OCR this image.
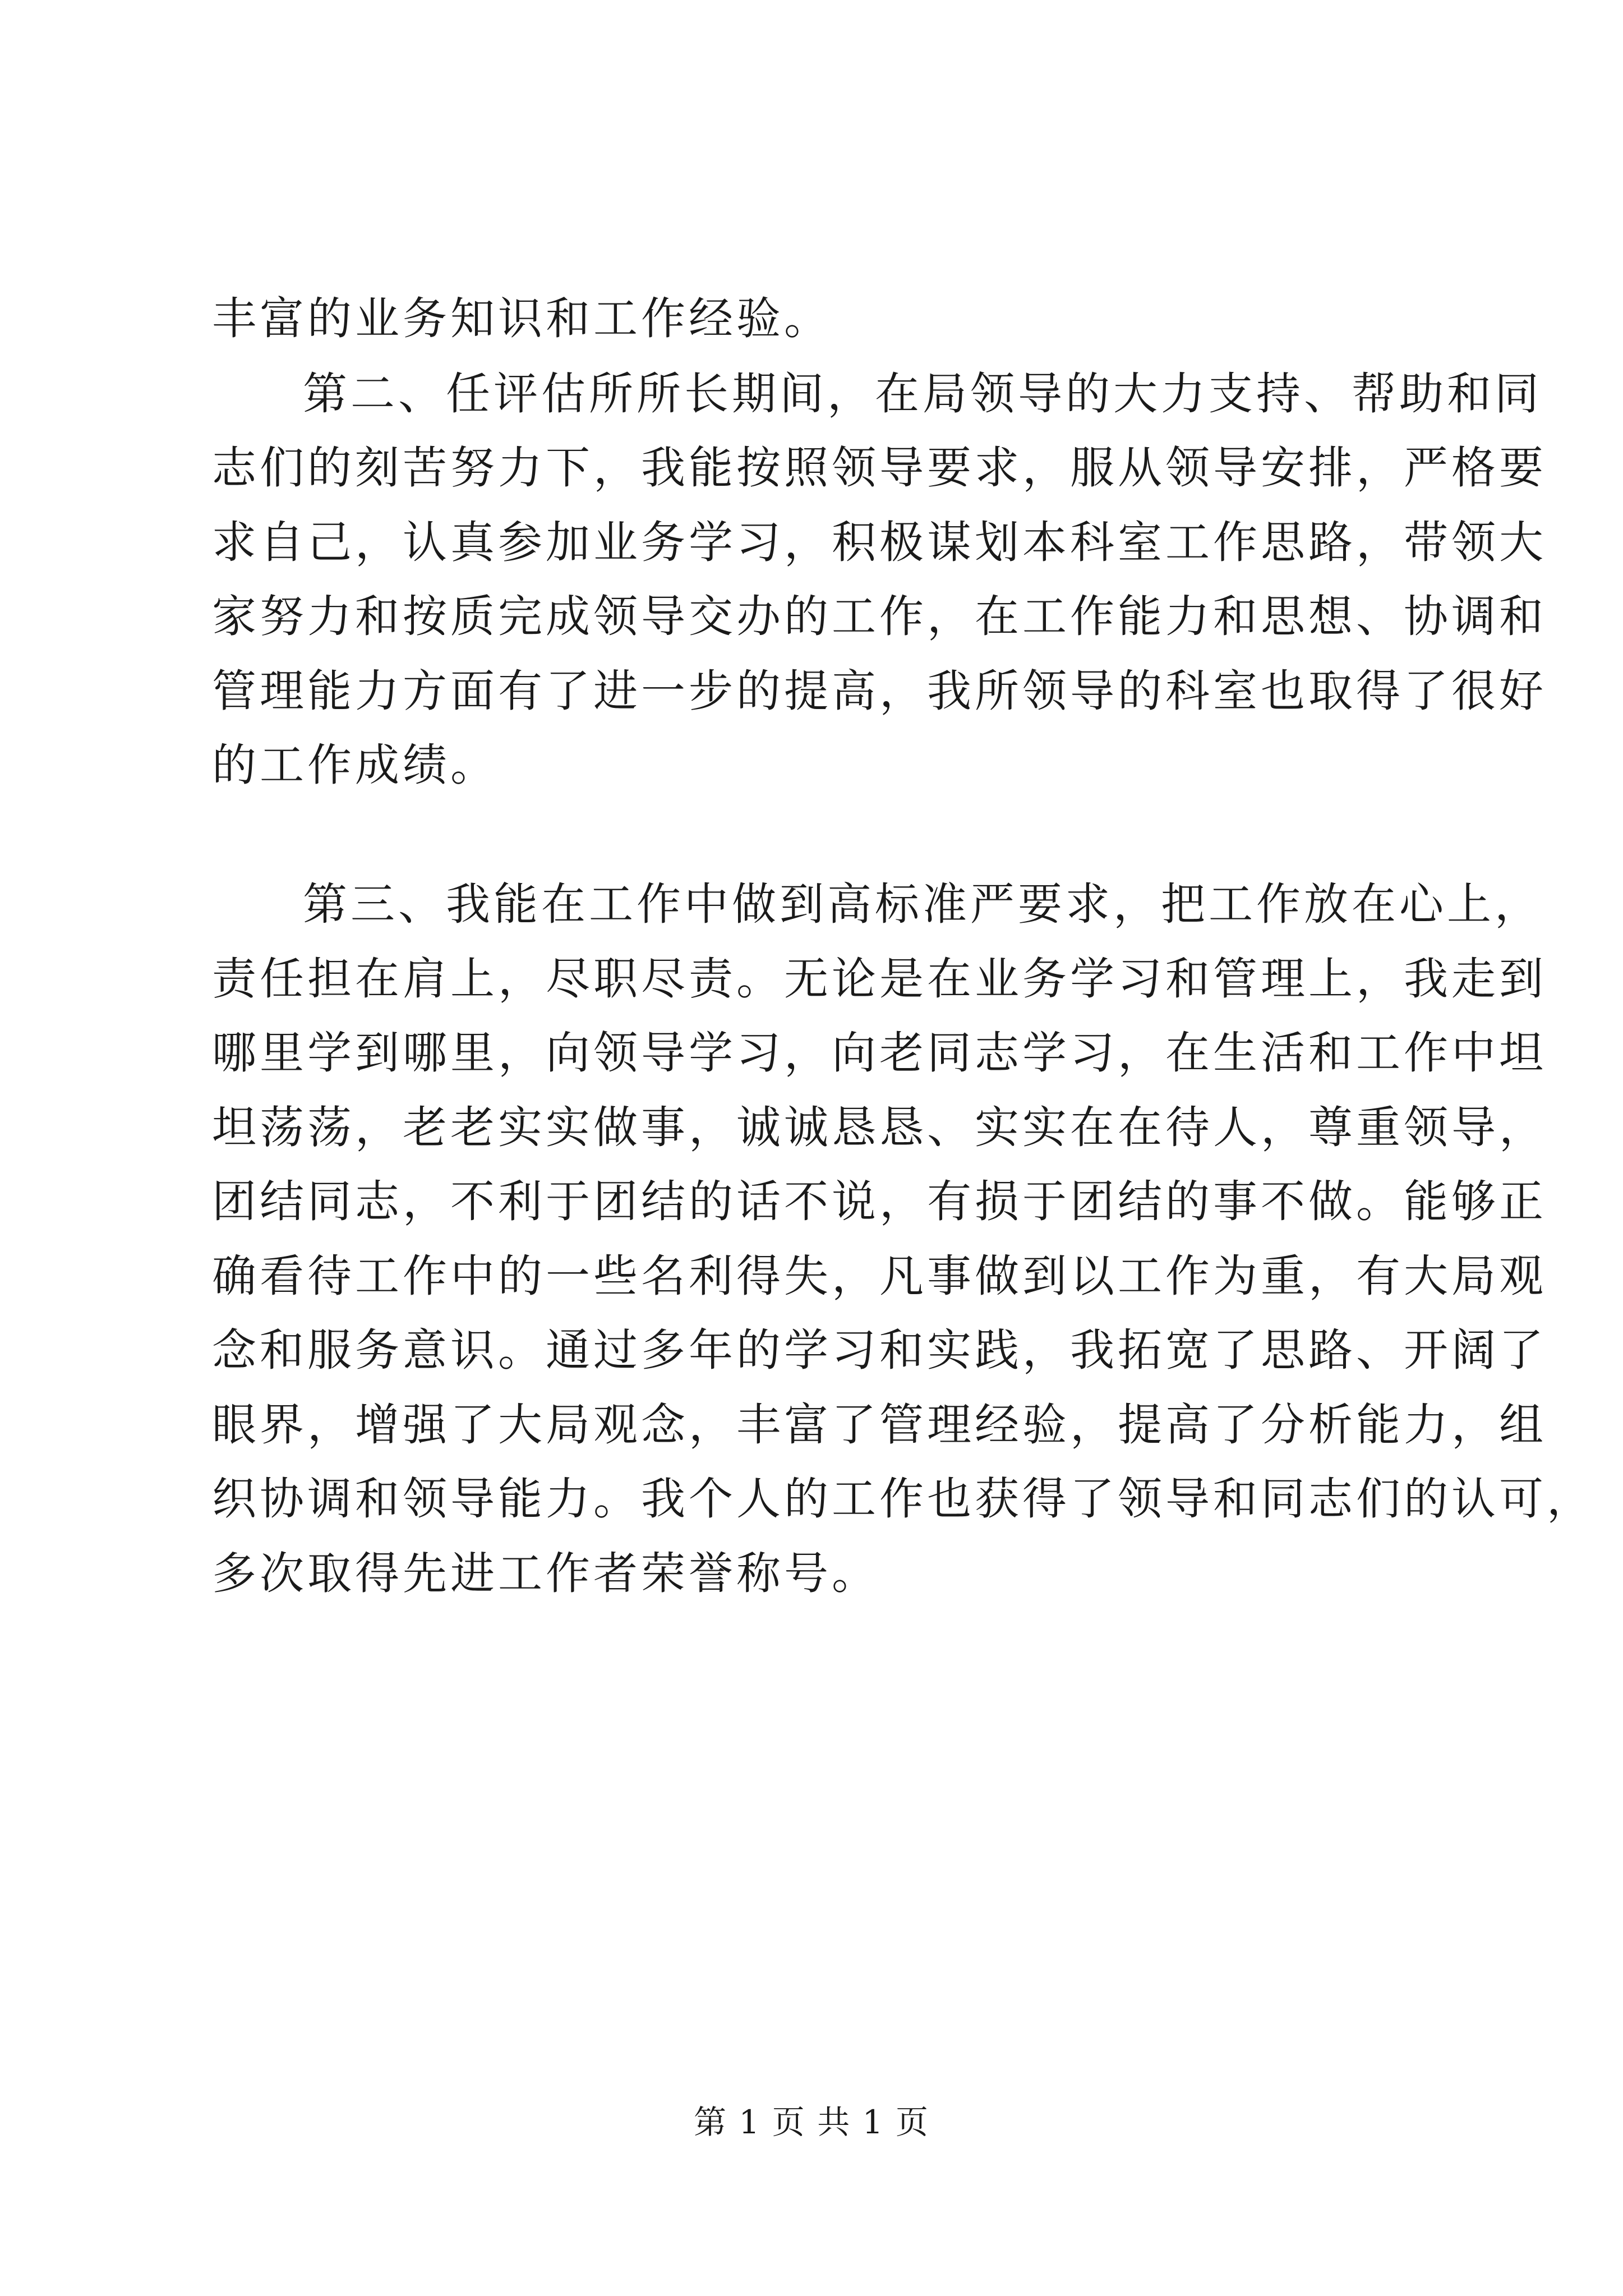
丰富的业务知识和工作经验。
第二、任评估所所长期间，在局领导的大力支持、帮助和同
志们的刻苦努力下，我能按照领导要求，服从领导安排，严格要
求自己，认真参加业务学习，积极谋划本科室工作思路，带领大
家努力和按质完成领导交办的工作，在工作能力和思想、协调和
管理能力方面有了进一步的提高，我所领导的科室也取得了很好
的工作成绩。
第三、我能在工作中做到高标准严要求，把工作放在心上，
责任担在肩上，尽职尽责。无论是在业务学习和管理上，我走到
哪里学到哪里，向领导学习，向老同志学习，在生活和工作中坦
坦荡荡，老老实实做事，诚诚恳恳、实实在在待人，尊重领导，
团结同志，不利于团结的话不说，有损于团结的事不做。能够正
确看待工作中的一些名利得失，凡事做到以工作为重，有大局观
念和服务意识。通过多年的学习和实践，我拓宽了思路、开阔了
眼界，增强了大局观念，丰富了管理经验，提高了分析能力，组
织协调和领导能力。我个人的工作也获得了领导和同志们的认可，
多次取得先进工作者荣誉称号。
第 1 页 共 1 页
